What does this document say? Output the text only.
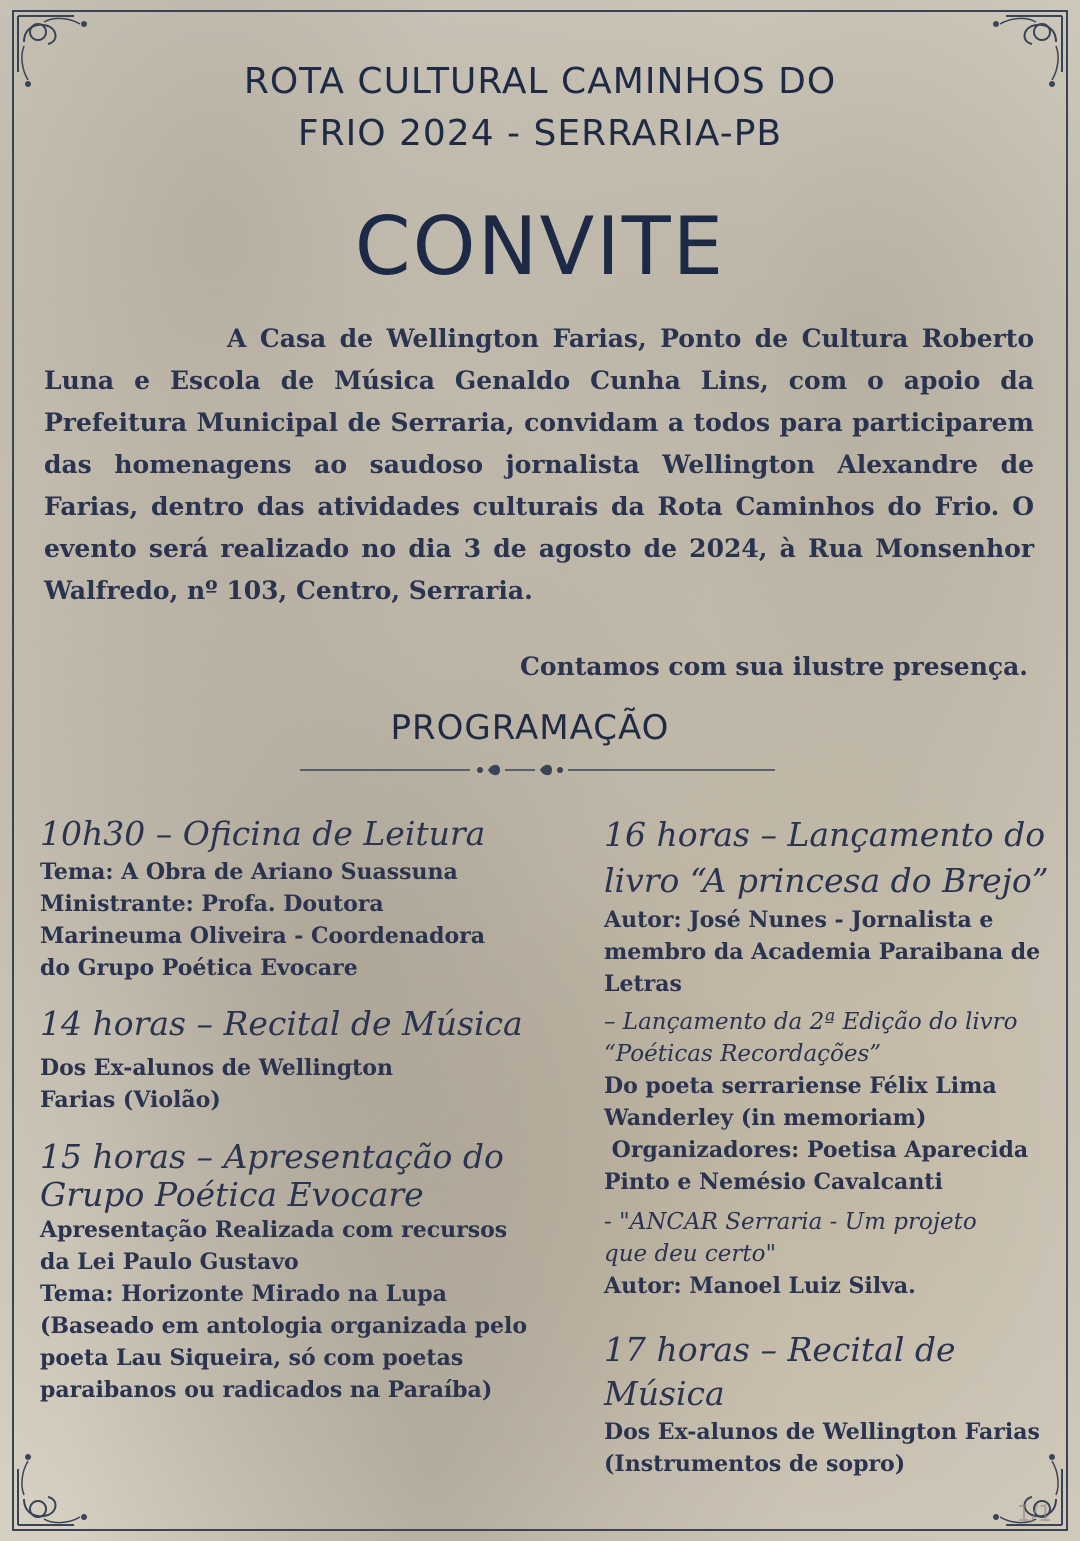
ROTA CULTURAL CAMINHOS DO
FRIO 2024 - SERRARIA-PB
CONVITE
A Casa de Wellington Farias, Ponto de Cultura Roberto Luna e Escola de Música Genaldo Cunha Lins, com o apoio da Prefeitura Municipal de Serraria, convidam a todos para participarem das homenagens ao saudoso jornalista Wellington Alexandre de Farias, dentro das atividades culturais da Rota Caminhos do Frio. O evento será realizado no dia 3 de agosto de 2024, à Rua Monsenhor Walfredo, nº 103, Centro, Serraria.
Contamos com sua ilustre presença.
PROGRAMAÇÃO

10h30 – Oficina de Leitura

Tema: A Obra de Ariano Suassuna

Ministrante: Profa. Doutora

Marineuma Oliveira - Coordenadora

do Grupo Poética Evocare

14 horas – Recital de Música

Dos Ex-alunos de Wellington

Farias (Violão)

15 horas – Apresentação do

Grupo Poética Evocare

Apresentação Realizada com recursos

da Lei Paulo Gustavo

Tema: Horizonte Mirado na Lupa

(Baseado em antologia organizada pelo

poeta Lau Siqueira, só com poetas

paraibanos ou radicados na Paraíba)

16 horas – Lançamento do

livro “A princesa do Brejo”

Autor: José Nunes - Jornalista e

membro da Academia Paraibana de

Letras

– Lançamento da 2ª Edição do livro

“Poéticas Recordações”

Do poeta serrariense Félix Lima

Wanderley (in memoriam)

Organizadores: Poetisa Aparecida

Pinto e Nemésio Cavalcanti

- "ANCAR Serraria - Um projeto

que deu certo"

Autor: Manoel Luiz Silva.

17 horas – Recital de

Música

Dos Ex-alunos de Wellington Farias

(Instrumentos de sopro)

1/1
